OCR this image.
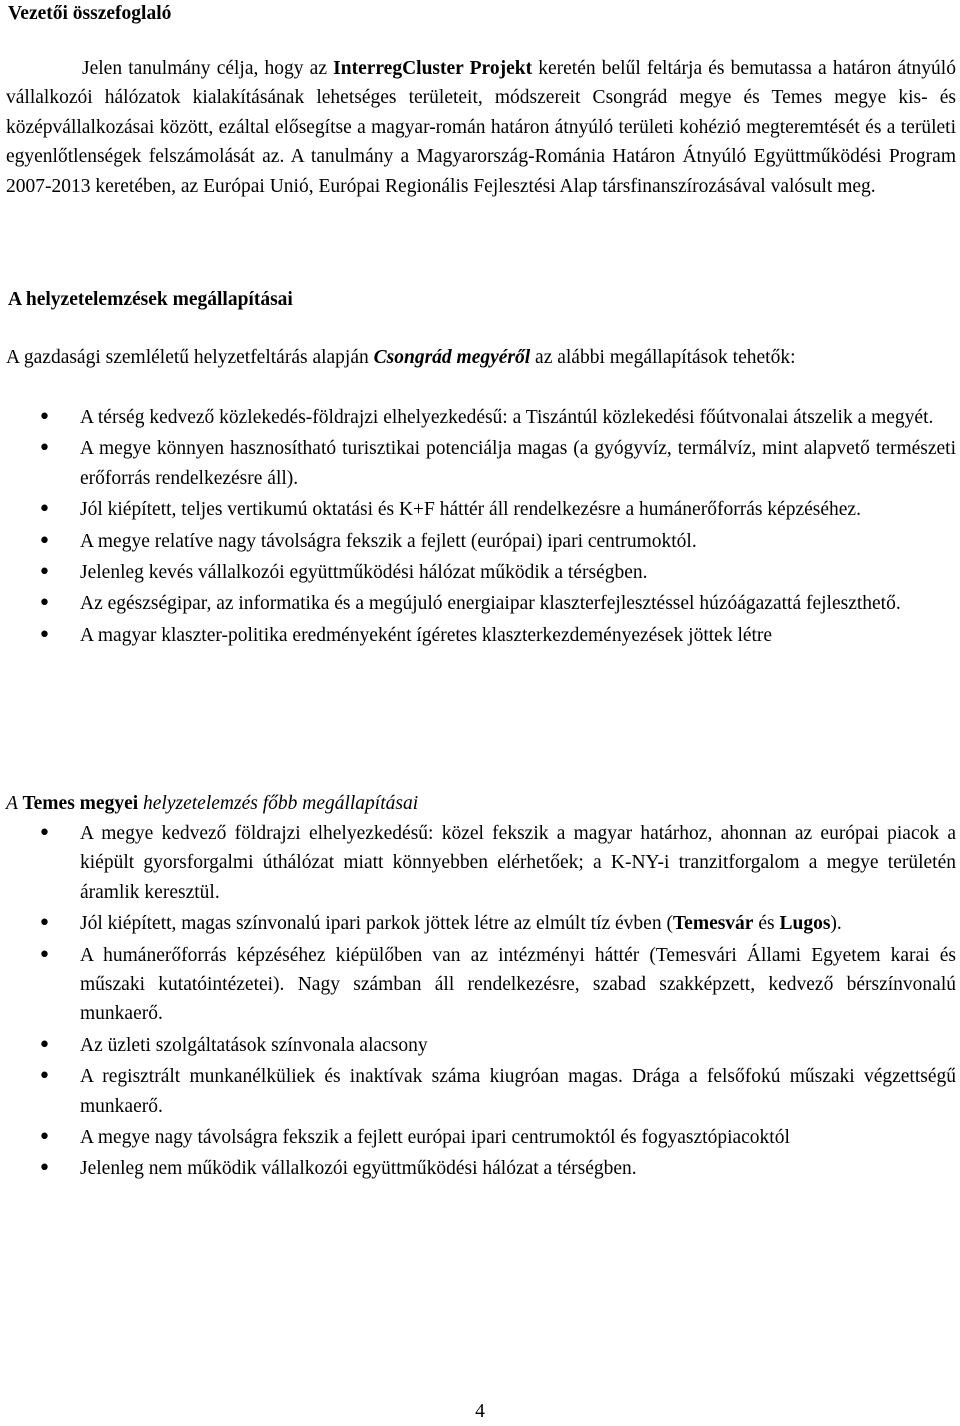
Vezetői összefoglaló

Jelen tanulmány célja, hogy az InterregCluster Projekt keretén belűl feltárja és bemutassa a határon átnyúló vállalkozói hálózatok kialakításának lehetséges területeit, módszereit Csongrád megye és Temes megye kis- és középvállalkozásai között, ezáltal elősegítse a magyar-román határon átnyúló területi kohézió megteremtését és a területi egyenlőtlenségek felszámolását az. A tanulmány a Magyarország-Románia Határon Átnyúló Együttműködési Program 2007-2013 keretében, az Európai Unió, Európai Regionális Fejlesztési Alap társfinanszírozásával valósult meg.

A helyzetelemzések megállapításai

A gazdasági szemléletű helyzetfeltárás alapján Csongrád megyéről az alábbi megállapítások tehetők:

• A térség kedvező közlekedés-földrajzi elhelyezkedésű: a Tiszántúl közlekedési főútvonalai átszelik a megyét.
• A megye könnyen hasznosítható turisztikai potenciálja magas (a gyógyvíz, termálvíz, mint alapvető természeti erőforrás rendelkezésre áll).
• Jól kiépített, teljes vertikumú oktatási és K+F háttér áll rendelkezésre a humánerőforrás képzéséhez.
• A megye relatíve nagy távolságra fekszik a fejlett (európai) ipari centrumoktól.
• Jelenleg kevés vállalkozói együttműködési hálózat működik a térségben.
• Az egészségipar, az informatika és a megújuló energiaipar klaszterfejlesztéssel húzóágazattá fejleszthető.
• A magyar klaszter-politika eredményeként ígéretes klaszterkezdeményezések jöttek létre

A Temes megyei helyzetelemzés főbb megállapításai

• A megye kedvező földrajzi elhelyezkedésű: közel fekszik a magyar határhoz, ahonnan az európai piacok a kiépült gyorsforgalmi úthálózat miatt könnyebben elérhetőek; a K-NY-i tranzitforgalom a megye területén áramlik keresztül.
• Jól kiépített, magas színvonalú ipari parkok jöttek létre az elmúlt tíz évben (Temesvár és Lugos).
• A humánerőforrás képzéséhez kiépülőben van az intézményi háttér (Temesvári Állami Egyetem karai és műszaki kutatóintézetei). Nagy számban áll rendelkezésre, szabad szakképzett, kedvező bérszínvonalú munkaerő.
• Az üzleti szolgáltatások színvonala alacsony
• A regisztrált munkanélküliek és inaktívak száma kiugróan magas. Drága a felsőfokú műszaki végzettségű munkaerő.
• A megye nagy távolságra fekszik a fejlett európai ipari centrumoktól és fogyasztópiacoktól
• Jelenleg nem működik vállalkozói együttműködési hálózat a térségben.
4
